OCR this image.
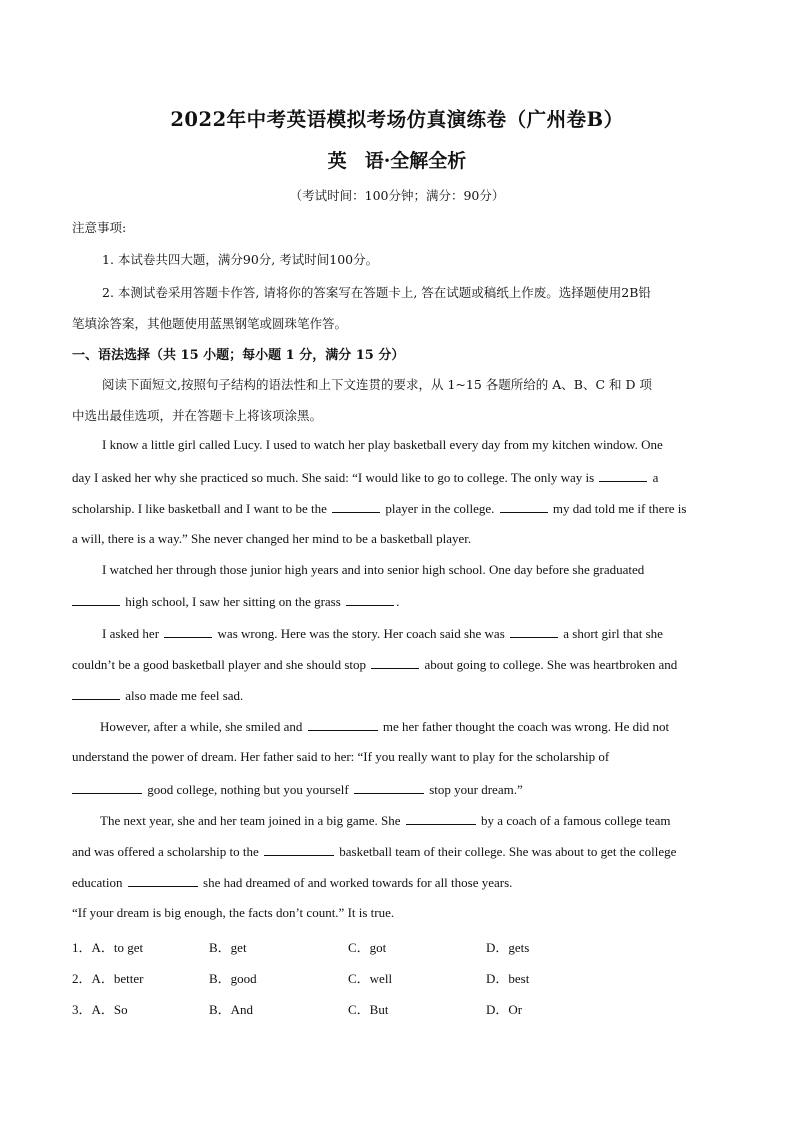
2022年中考英语模拟考场仿真演练卷（广州卷B）
英 语·全解全析
（考试时间：100分钟；满分：90分）
注意事项:
1. 本试卷共四大题，满分90分, 考试时间100分。
2. 本测试卷采用答题卡作答, 请将你的答案写在答题卡上, 答在试题或稿纸上作废。选择题使用2B铅
笔填涂答案，其他题使用蓝黑钢笔或圆珠笔作答。
一、语法选择（共 15 小题；每小题 1 分，满分 15 分）
阅读下面短文,按照句子结构的语法性和上下文连贯的要求，从 1~15 各题所给的 A、B、C 和 D 项
中选出最佳选项，并在答题卡上将该项涂黑。
I know a little girl called Lucy. I used to watch her play basketball every day from my kitchen window. One
day I asked her why she practiced so much. She said: “I would like to go to college. The only way is	a
scholarship. I like basketball and I want to be the	player in the college.	my dad told me if there is
a will, there is a way.” She never changed her mind to be a basketball player.
I watched her through those junior high years and into senior high school. One day before she graduated
high school, I saw her sitting on the grass	.
I asked her	was wrong. Here was the story. Her coach said she was	a short girl that she
couldn’t be a good basketball player and she should stop	about going to college. She was heartbroken and
also made me feel sad.
However, after a while, she smiled and	me her father thought the coach was wrong. He did not
understand the power of dream. Her father said to her: “If you really want to play for the scholarship of
good college, nothing but you yourself	stop your dream.”
The next year, she and her team joined in a big game. She	by a coach of a famous college team
and was offered a scholarship to the	basketball team of their college. She was about to get the college
education	she had dreamed of and worked towards for all those years.
“If your dream is big enough, the facts don’t count.” It is true.
1．A．to get	B．get	C．got	D．gets
2．A．better	B．good	C．well	D．best
3．A．So	B．And	C．But	D．Or
